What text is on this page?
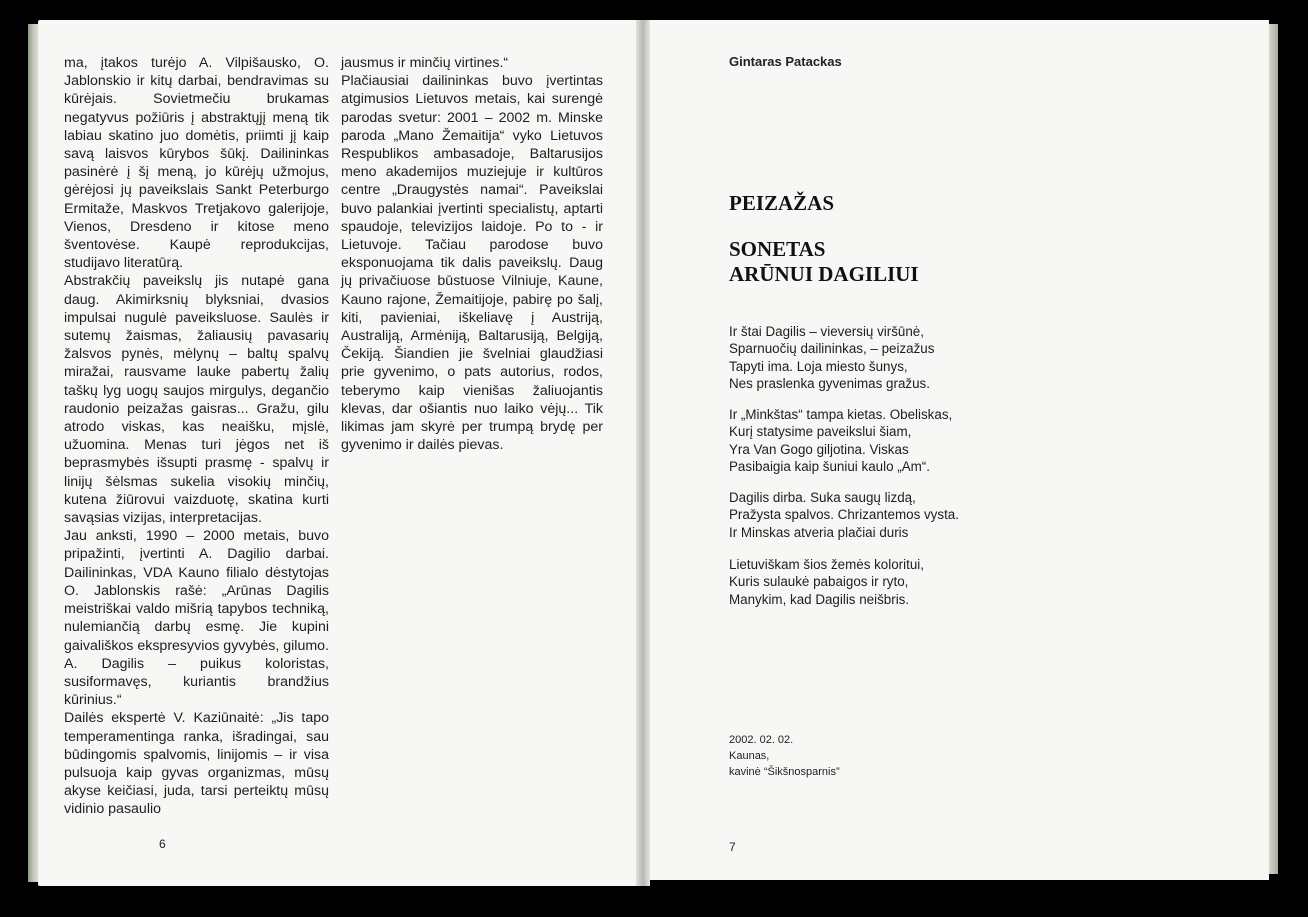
ma, įtakos turėjo A. Vilpišausko, O. Jablonskio ir kitų darbai, bendravimas su kūrėjais. Sovietmečiu brukamas negatyvus požiūris į abstraktųjį meną tik labiau skatino juo domėtis, priimti jį kaip savą laisvos kūrybos šūkį. Dailininkas pasinėrė į šį meną, jo kūrėjų užmojus, gėrėjosi jų paveikslais Sankt Peterburgo Ermitaže, Maskvos Tretjakovo galerijoje, Vienos, Dresdeno ir kitose meno šventovėse. Kaupė reprodukcijas, studijavo literatūrą.

Abstrakčių paveikslų jis nutapė gana daug. Akimirksnių blyksniai, dvasios impulsai nugulė paveiksluose. Saulės ir sutemų žaismas, žaliausių pavasarių žalsvos pynės, mėlynų – baltų spalvų miražai, rausvame lauke pabertų žalių taškų lyg uogų saujos mirgulys, degančio raudonio peizažas gaisras... Gražu, gilu atrodo viskas, kas neaišku, mįslė, užuomina. Menas turi jėgos net iš beprasmybės išsupti prasmę - spalvų ir linijų šėlsmas sukelia visokių minčių, kutena žiūrovui vaizduotę, skatina kurti savąsias vizijas, interpretacijas.

Jau anksti, 1990 – 2000 metais, buvo pripažinti, įvertinti A. Dagilio darbai. Dailininkas, VDA Kauno filialo dėstytojas O. Jablonskis rašė: „Arūnas Dagilis meistriškai valdo mišrią tapybos techniką, nulemiančią darbų esmę. Jie kupini gaivališkos ekspresyvios gyvybės, gilumo. A. Dagilis – puikus koloristas, susiformavęs, kuriantis brandžius kūrinius.“

Dailės ekspertė V. Kaziūnaitė: „Jis tapo temperamentinga ranka, išradingai, sau būdingomis spalvomis, linijomis – ir visa pulsuoja kaip gyvas organizmas, mūsų akyse keičiasi, juda, tarsi perteiktų mūsų vidinio pasaulio

jausmus ir minčių virtines.“

Plačiausiai dailininkas buvo įvertintas atgimusios Lietuvos metais, kai surengė parodas svetur: 2001 – 2002 m. Minske paroda „Mano Žemaitija“ vyko Lietuvos Respublikos ambasadoje, Baltarusijos meno akademijos muziejuje ir kultūros centre „Draugystės namai“. Paveikslai buvo palankiai įvertinti specialistų, aptarti spaudoje, televizijos laidoje. Po to - ir Lietuvoje. Tačiau parodose buvo eksponuojama tik dalis paveikslų. Daug jų privačiuose būstuose Vilniuje, Kaune, Kauno rajone, Žemaitijoje, pabirę po šalį, kiti, pavieniai, iškeliavę į Austriją, Australiją, Armėniją, Baltarusiją, Belgiją, Čekiją. Šiandien jie švelniai glaudžiasi prie gyvenimo, o pats autorius, rodos, teberymo kaip vienišas žaliuojantis klevas, dar ošiantis nuo laiko vėjų... Tik likimas jam skyrė per trumpą brydę per gyvenimo ir dailės pievas.

6
Gintaras Patackas
PEIZAŽAS
SONETAS
ARŪNUI DAGILIUI
Ir štai Dagilis – vieversių viršūnė,
Sparnuočių dailininkas, – peizažus
Tapyti ima. Loja miesto šunys,
Nes praslenka gyvenimas gražus.
Ir „Minkštas“ tampa kietas. Obeliskas,
Kurį statysime paveikslui šiam,
Yra Van Gogo giljotina. Viskas
Pasibaigia kaip šuniui kaulo „Am“.
Dagilis dirba. Suka saugų lizdą,
Pražysta spalvos. Chrizantemos vysta.
Ir Minskas atveria plačiai duris
Lietuviškam šios žemės koloritui,
Kuris sulaukė pabaigos ir ryto,
Manykim, kad Dagilis neišbris.
2002. 02. 02.
Kaunas,
kavinė “Šikšnosparnis”
7
